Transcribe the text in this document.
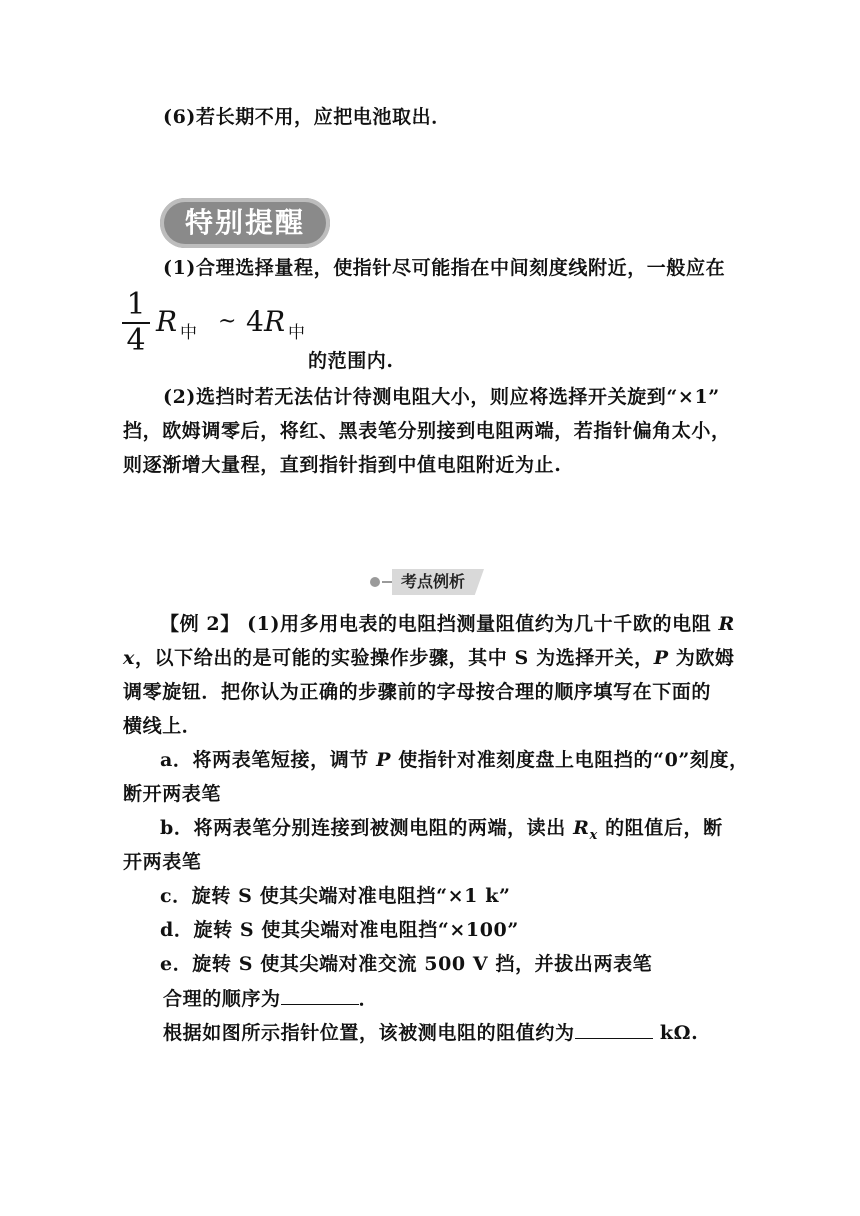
(6)若长期不用，应把电池取出．
特别提醒
(1)合理选择量程，使指针尽可能指在中间刻度线附近，一般应在
1
4
R 中 ~ 4 R 中
的范围内.
(2)选挡时若无法估计待测电阻大小，则应将选择开关旋到“×1”
挡，欧姆调零后，将红、黑表笔分别接到电阻两端，若指针偏角太小，
则逐渐增大量程，直到指针指到中值电阻附近为止.
考点例析
【例 2】 (1)用多用电表的电阻挡测量阻值约为几十千欧的电阻 R
x，以下给出的是可能的实验操作步骤，其中 S 为选择开关，P 为欧姆
调零旋钮．把你认为正确的步骤前的字母按合理的顺序填写在下面的
横线上．
a．将两表笔短接，调节 P 使指针对准刻度盘上电阻挡的“0”刻度，
断开两表笔
b．将两表笔分别连接到被测电阻的两端，读出 $R_x$ 的阻值后，断
开两表笔
c．旋转 S 使其尖端对准电阻挡“×1 k”
d．旋转 S 使其尖端对准电阻挡“×100”
e．旋转 S 使其尖端对准交流 500 V 挡，并拔出两表笔
合理的顺序为	．
根据如图所示指针位置，该被测电阻的阻值约为	kΩ.
